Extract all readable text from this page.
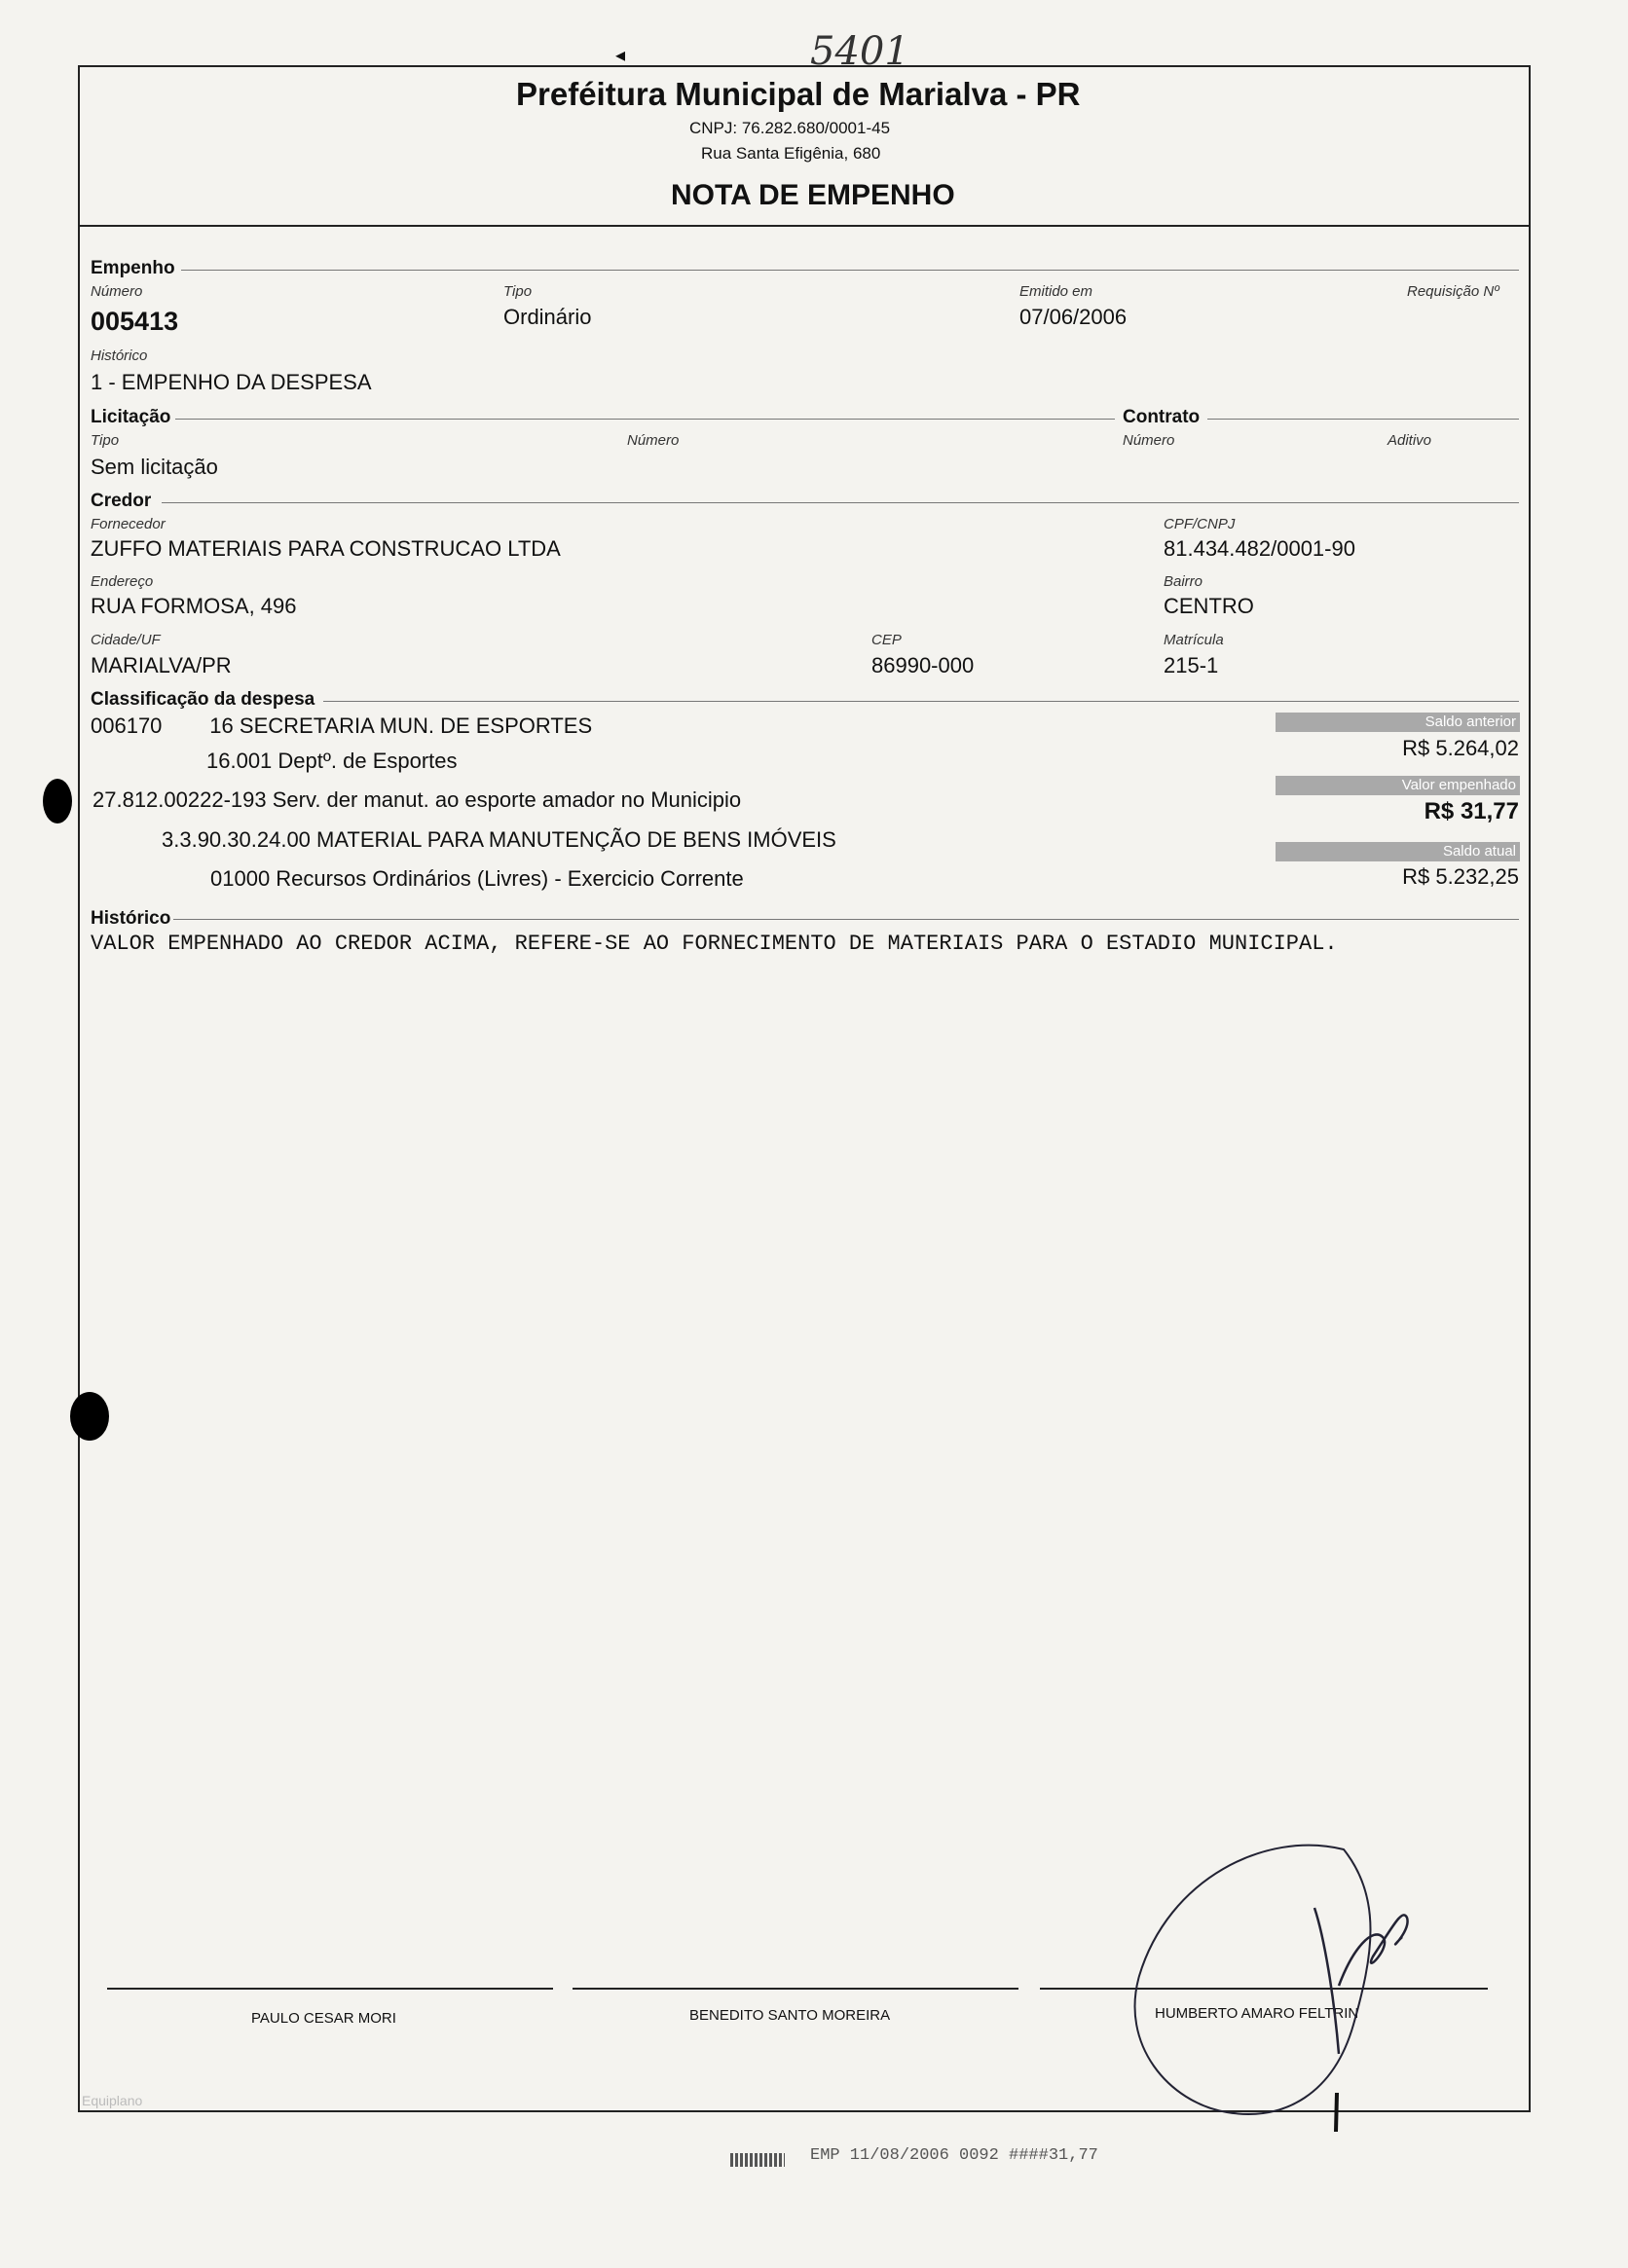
5401
◂
Preféitura Municipal de Marialva - PR
CNPJ: 76.282.680/0001-45
Rua Santa Efigênia, 680
NOTA DE EMPENHO
Empenho
Número
005413
Tipo
Ordinário
Emitido em
07/06/2006
Requisição Nº
Histórico
1 - EMPENHO DA DESPESA
Licitação	Contrato
Tipo
Sem licitação
Número	Número	Aditivo
Credor
Fornecedor
ZUFFO MATERIAIS PARA CONSTRUCAO LTDA
CPF/CNPJ
81.434.482/0001-90
Endereço
RUA FORMOSA, 496
Bairro
CENTRO
Cidade/UF
MARIALVA/PR
CEP
86990-000
Matrícula
215-1
Classificação da despesa
006170        16 SECRETARIA MUN. DE ESPORTES
16.001 Deptº. de Esportes
27.812.00222-193 Serv. der manut. ao esporte amador no Municipio
3.3.90.30.24.00 MATERIAL PARA MANUTENÇÃO DE BENS IMÓVEIS
01000 Recursos Ordinários (Livres) - Exercicio Corrente
Saldo anterior
R$ 5.264,02
Valor empenhado
R$ 31,77
Saldo atual
R$ 5.232,25
Histórico
VALOR EMPENHADO AO CREDOR ACIMA, REFERE-SE AO FORNECIMENTO DE MATERIAIS PARA O ESTADIO MUNICIPAL.
PAULO CESAR MORI	BENEDITO SANTO MOREIRA	HUMBERTO AMARO FELTRIN
Equiplano
EMP 11/08/2006 0092 ####31,77
